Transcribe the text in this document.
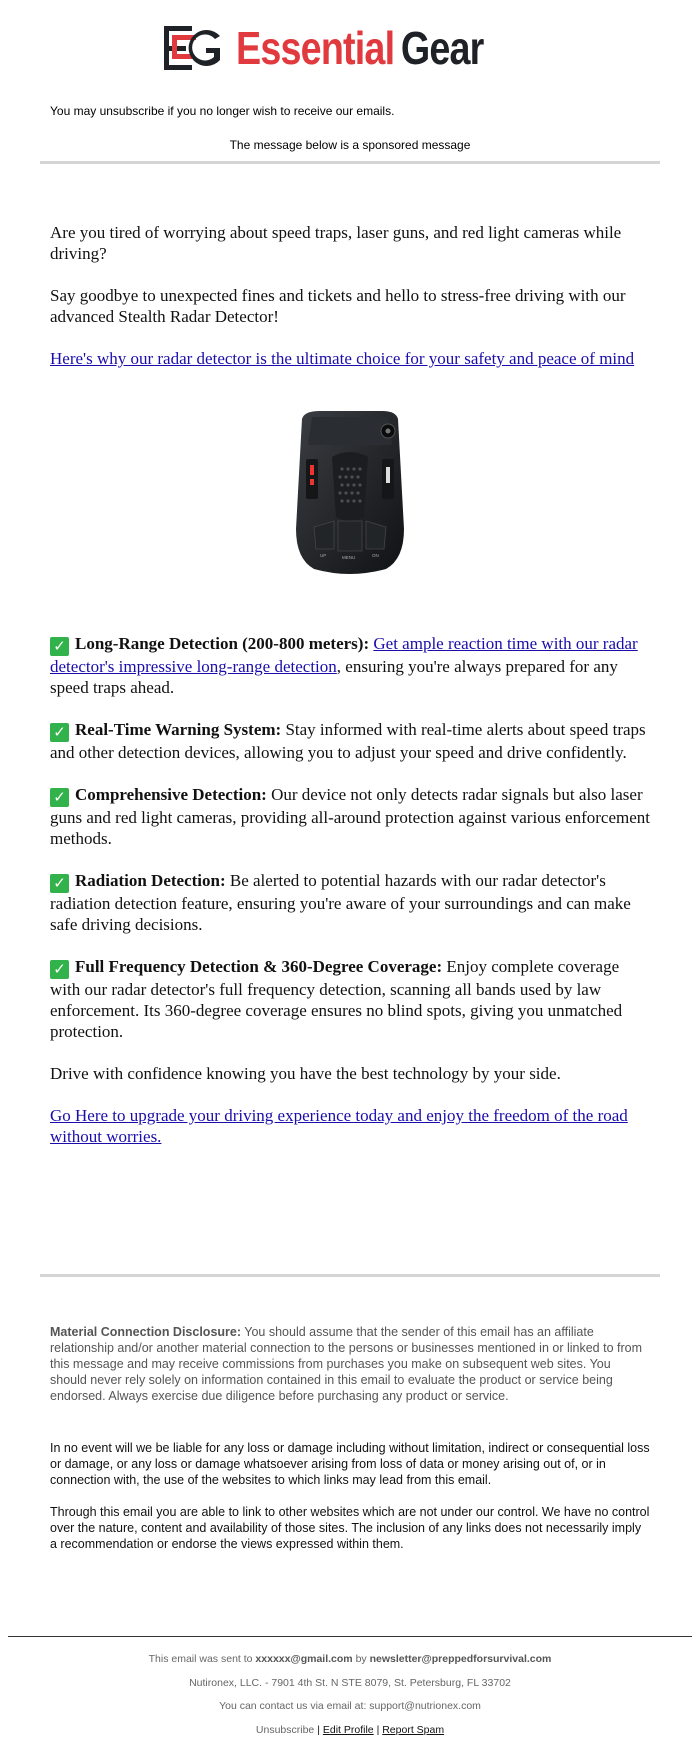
Essential Gear
You may unsubscribe if you no longer wish to receive our emails.
The message below is a sponsored message

Are you tired of worrying about speed traps, laser guns, and red light cameras while driving?

Say goodbye to unexpected fines and tickets and hello to stress-free driving with our advanced Stealth Radar Detector!

Here's why our radar detector is the ultimate choice for your safety and peace of mind

UP	MENU	ON

✓ Long-Range Detection (200-800 meters): Get ample reaction time with our radar detector's impressive long-range detection, ensuring you're always prepared for any speed traps ahead.

✓ Real-Time Warning System: Stay informed with real-time alerts about speed traps and other detection devices, allowing you to adjust your speed and drive confidently.

✓ Comprehensive Detection: Our device not only detects radar signals but also laser guns and red light cameras, providing all-around protection against various enforcement methods.

✓ Radiation Detection: Be alerted to potential hazards with our radar detector's radiation detection feature, ensuring you're aware of your surroundings and can make safe driving decisions.

✓ Full Frequency Detection & 360-Degree Coverage: Enjoy complete coverage with our radar detector's full frequency detection, scanning all bands used by law enforcement. Its 360-degree coverage ensures no blind spots, giving you unmatched protection.

Drive with confidence knowing you have the best technology by your side.

Go Here to upgrade your driving experience today and enjoy the freedom of the road without worries.

Material Connection Disclosure: You should assume that the sender of this email has an affiliate relationship and/or another material connection to the persons or businesses mentioned in or linked to from this message and may receive commissions from purchases you make on subsequent web sites. You should never rely solely on information contained in this email to evaluate the product or service being endorsed. Always exercise due diligence before purchasing any product or service.

In no event will we be liable for any loss or damage including without limitation, indirect or consequential loss or damage, or any loss or damage whatsoever arising from loss of data or money arising out of, or in connection with, the use of the websites to which links may lead from this email.

Through this email you are able to link to other websites which are not under our control. We have no control over the nature, content and availability of those sites. The inclusion of any links does not necessarily imply a recommendation or endorse the views expressed within them.

This email was sent to xxxxxx@gmail.com by newsletter@preppedforsurvival.com
Nutironex, LLC. - 7901 4th St. N STE 8079, St. Petersburg, FL 33702
You can contact us via email at: support@nutrionex.com
Unsubscribe | Edit Profile | Report Spam
